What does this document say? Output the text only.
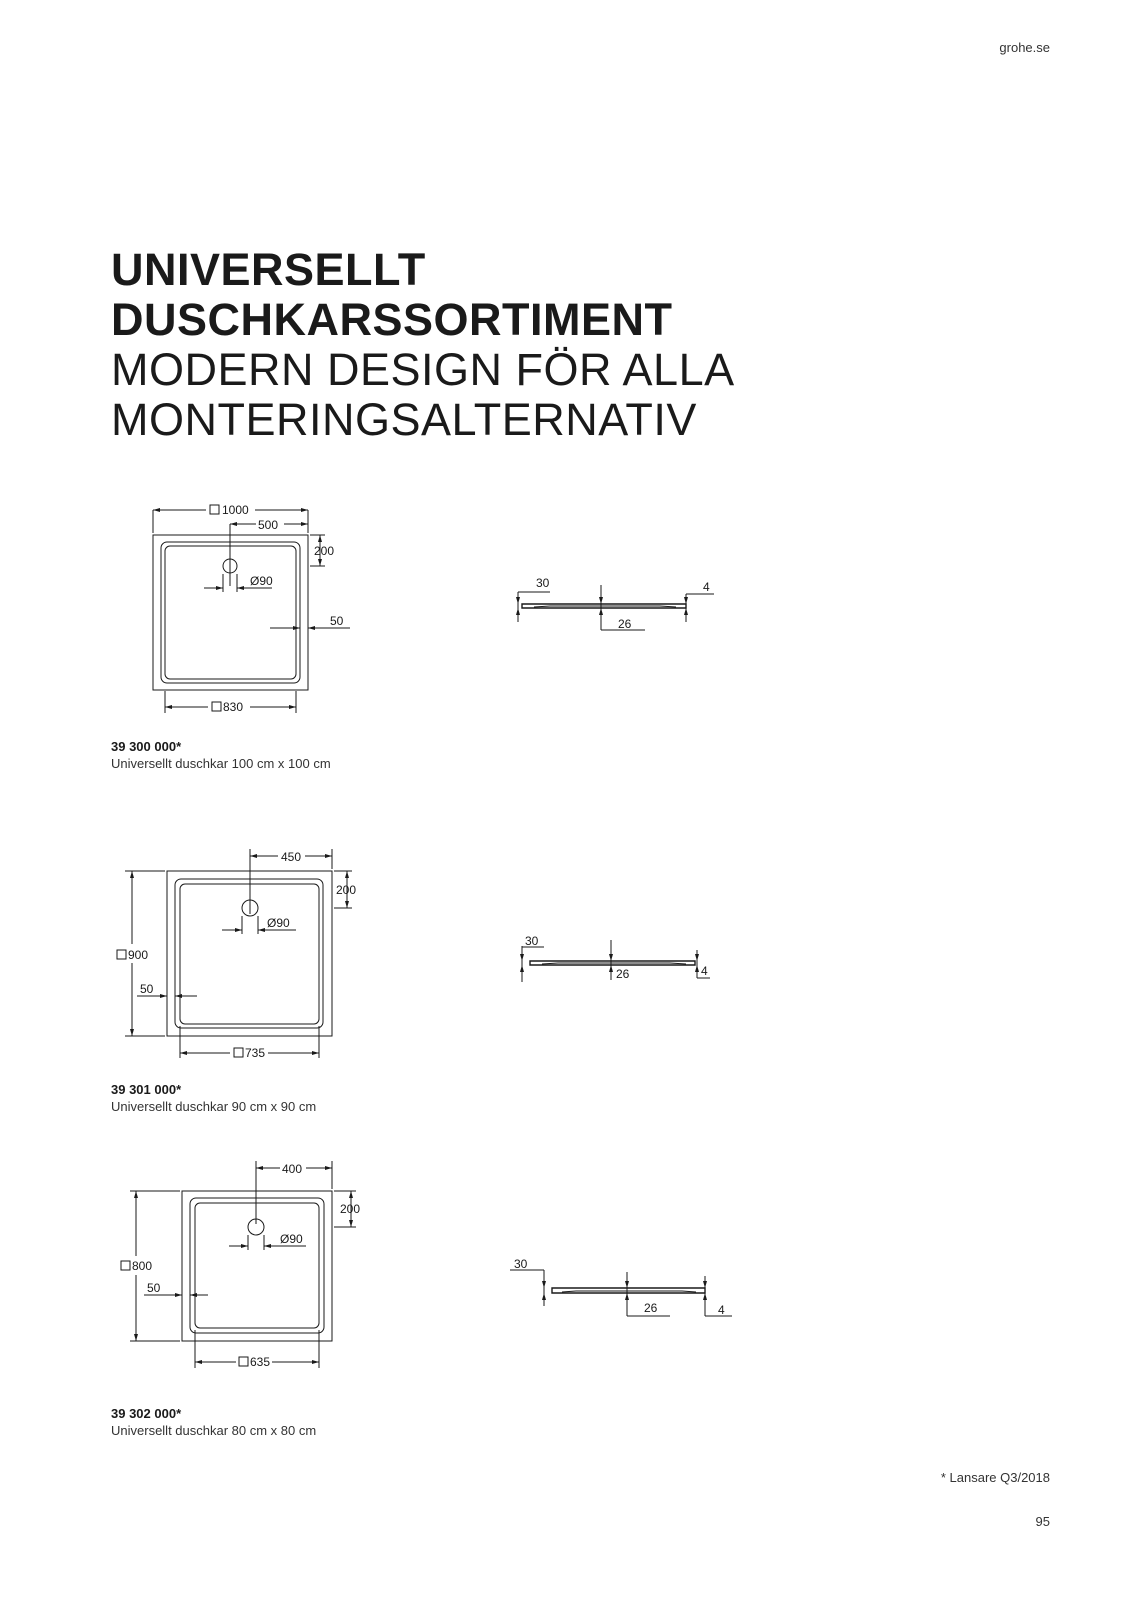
grohe.se
UNIVERSELLT
DUSCHKARSSORTIMENT
MODERN DESIGN FÖR ALLA
MONTERINGSALTERNATIV
1000
500
200
Ø90
50
830
30
26
4
39 300 000*
Universellt duschkar 100 cm x 100 cm
900
450
200
Ø90
50
735
30
26	4
39 301 000*
Universellt duschkar 90 cm x 90 cm
800
400
200
Ø90
50
635
30
26	4
39 302 000*
Universellt duschkar 80 cm x 80 cm
* Lansare Q3/2018
95
